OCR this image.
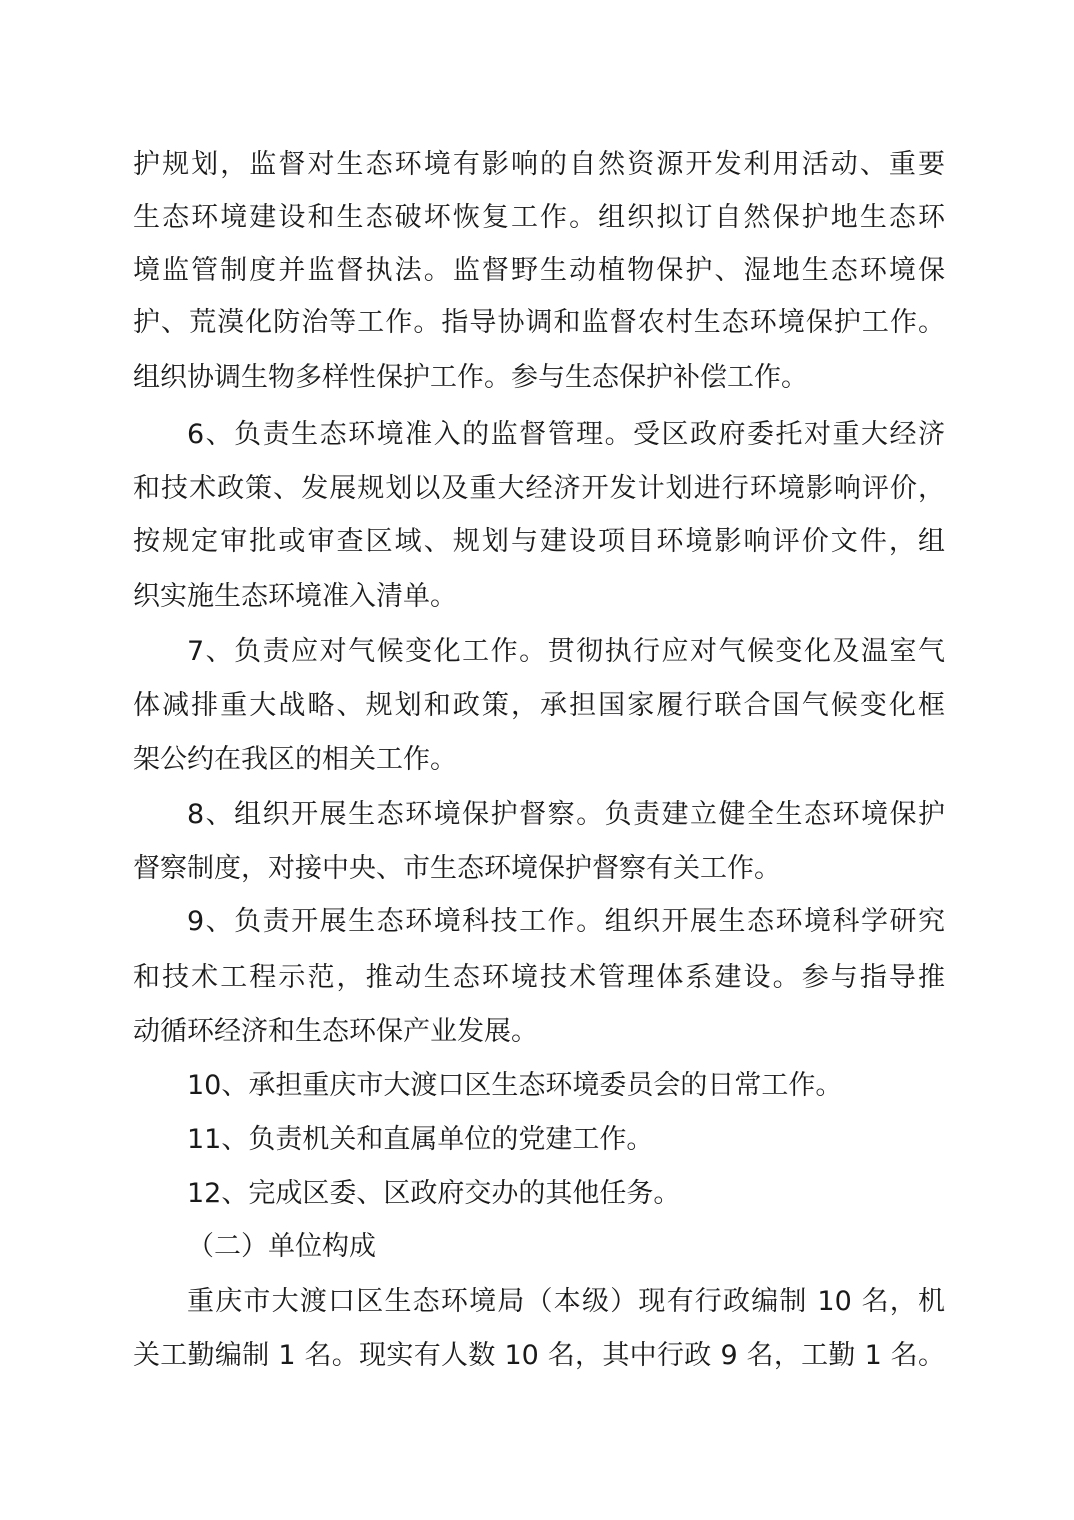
护规划，监督对生态环境有影响的自然资源开发利用活动、重要
生态环境建设和生态破坏恢复工作。组织拟订自然保护地生态环
境监管制度并监督执法。监督野生动植物保护、湿地生态环境保
护、荒漠化防治等工作。指导协调和监督农村生态环境保护工作。
组织协调生物多样性保护工作。参与生态保护补偿工作。
6、负责生态环境准入的监督管理。受区政府委托对重大经济
和技术政策、发展规划以及重大经济开发计划进行环境影响评价，
按规定审批或审查区域、规划与建设项目环境影响评价文件，组
织实施生态环境准入清单。
7、负责应对气候变化工作。贯彻执行应对气候变化及温室气
体减排重大战略、规划和政策，承担国家履行联合国气候变化框
架公约在我区的相关工作。
8、组织开展生态环境保护督察。负责建立健全生态环境保护
督察制度，对接中央、市生态环境保护督察有关工作。
9、负责开展生态环境科技工作。组织开展生态环境科学研究
和技术工程示范，推动生态环境技术管理体系建设。参与指导推
动循环经济和生态环保产业发展。
10、承担重庆市大渡口区生态环境委员会的日常工作。
11、负责机关和直属单位的党建工作。
12、完成区委、区政府交办的其他任务。
（二）单位构成
重庆市大渡口区生态环境局（本级）现有行政编制 10 名，机
关工勤编制 1 名。现实有人数 10 名，其中行政 9 名，工勤 1 名。
